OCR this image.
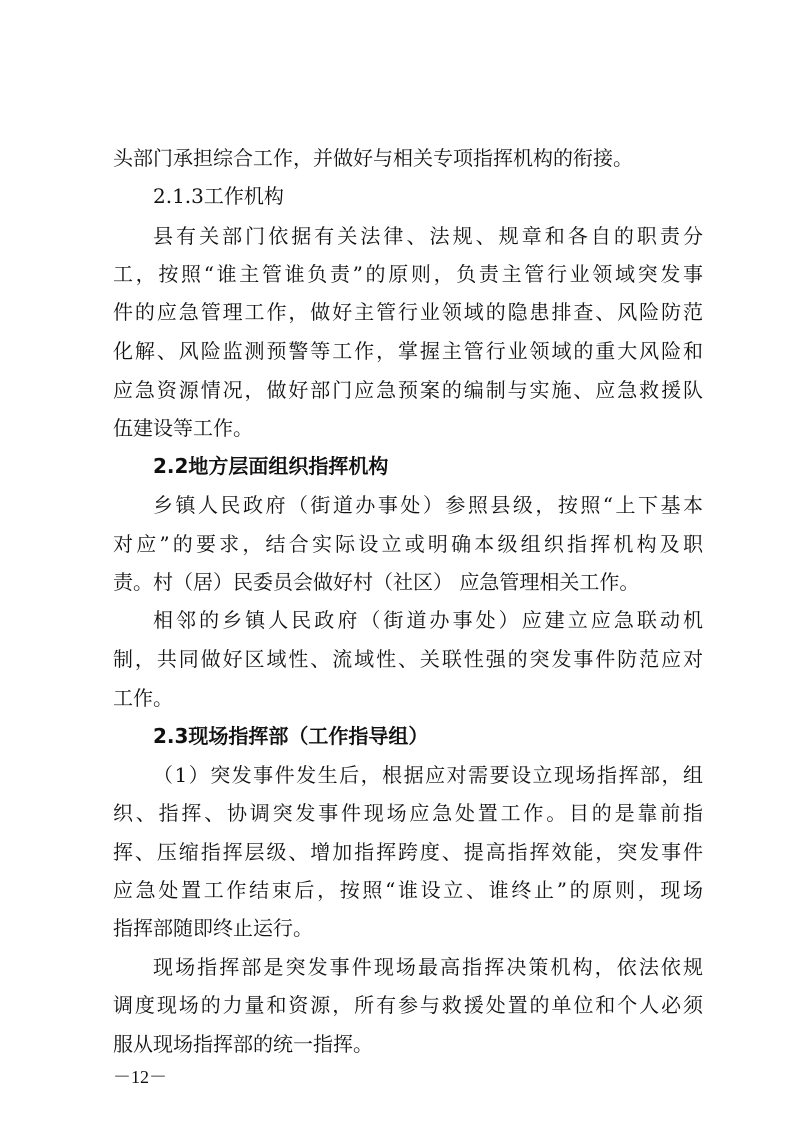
头部门承担综合工作，并做好与相关专项指挥机构的衔接。
2.1.3工作机构
县有关部门依据有关法律、法规、规章和各自的职责分
工，按照“谁主管谁负责”的原则，负责主管行业领域突发事
件的应急管理工作，做好主管行业领域的隐患排查、风险防范
化解、风险监测预警等工作，掌握主管行业领域的重大风险和
应急资源情况，做好部门应急预案的编制与实施、应急救援队
伍建设等工作。
2.2地方层面组织指挥机构
乡镇人民政府（街道办事处）参照县级，按照“上下基本
对应”的要求，结合实际设立或明确本级组织指挥机构及职
责。村（居）民委员会做好村（社区） 应急管理相关工作。
相邻的乡镇人民政府（街道办事处）应建立应急联动机
制，共同做好区域性、流域性、关联性强的突发事件防范应对
工作。
2.3现场指挥部（工作指导组）
（1）突发事件发生后，根据应对需要设立现场指挥部，组
织、指挥、协调突发事件现场应急处置工作。目的是靠前指
挥、压缩指挥层级、增加指挥跨度、提高指挥效能，突发事件
应急处置工作结束后，按照“谁设立、谁终止”的原则，现场
指挥部随即终止运行。
现场指挥部是突发事件现场最高指挥决策机构，依法依规
调度现场的力量和资源，所有参与救援处置的单位和个人必须
服从现场指挥部的统一指挥。
－12－
